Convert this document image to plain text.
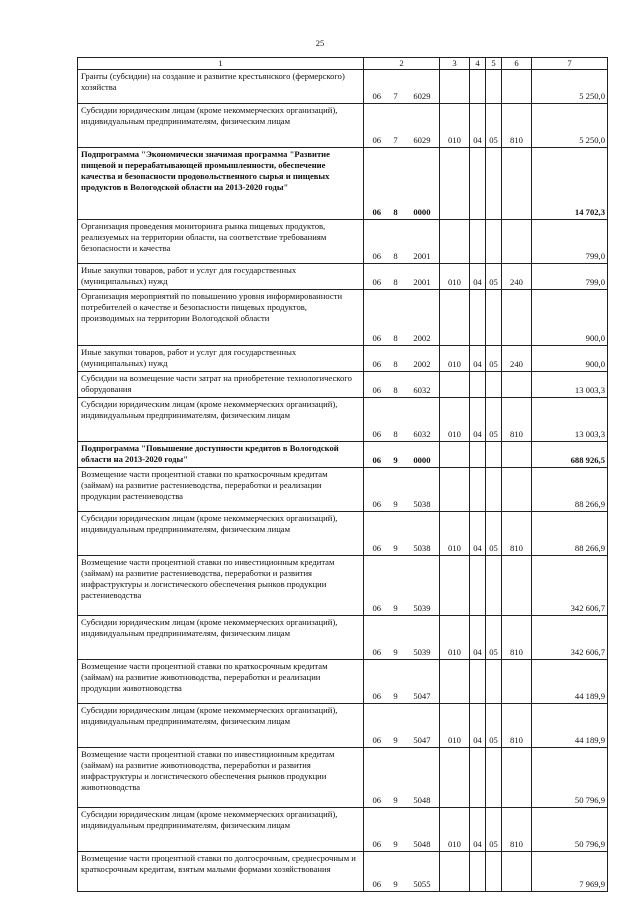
25
1	2	3	4	5	6	7
Гранты (субсидии) на создание и развитие крестьянского (фермерского) хозяйства	06 7 6029					5 250,0
Субсидии юридическим лицам (кроме некоммерческих организаций), индивидуальным предпринимателям, физическим лицам	06 7 6029	010	04	05	810	5 250,0
Подпрограмма "Экономически значимая программа "Развитие пищевой и перерабатывающей промышленности, обеспечение качества и безопасности продовольственного сырья и пищевых продуктов в Вологодской области на 2013-2020 годы"	06 8 0000					14 702,3
Организация проведения мониторинга рынка пищевых продуктов, реализуемых на территории области, на соответствие требованиям безопасности и качества	06 8 2001					799,0
Иные закупки товаров, работ и услуг для государственных (муниципальных) нужд	06 8 2001	010	04	05	240	799,0
Организация мероприятий по повышению уровня информированности потребителей о качестве и безопасности пищевых продуктов, производимых на территории Вологодской области	06 8 2002					900,0
Иные закупки товаров, работ и услуг для государственных (муниципальных) нужд	06 8 2002	010	04	05	240	900,0
Субсидии на возмещение части затрат на приобретение технологического оборудования	06 8 6032					13 003,3
Субсидии юридическим лицам (кроме некоммерческих организаций), индивидуальным предпринимателям, физическим лицам	06 8 6032	010	04	05	810	13 003,3
Подпрограмма "Повышение доступности кредитов в Вологодской области на 2013-2020 годы"	06 9 0000					688 926,5
Возмещение части процентной ставки по краткосрочным кредитам (займам) на развитие растениеводства, переработки и реализации продукции растениеводства	06 9 5038					88 266,9
Субсидии юридическим лицам (кроме некоммерческих организаций), индивидуальным предпринимателям, физическим лицам	06 9 5038	010	04	05	810	88 266,9
Возмещение части процентной ставки по инвестиционным кредитам (займам) на развитие растениеводства, переработки и развития инфраструктуры и логистического обеспечения рынков продукции растениеводства	06 9 5039					342 606,7
Субсидии юридическим лицам (кроме некоммерческих организаций), индивидуальным предпринимателям, физическим лицам	06 9 5039	010	04	05	810	342 606,7
Возмещение части процентной ставки по краткосрочным кредитам (займам) на развитие животноводства, переработки и реализации продукции животноводства	06 9 5047					44 189,9
Субсидии юридическим лицам (кроме некоммерческих организаций), индивидуальным предпринимателям, физическим лицам	06 9 5047	010	04	05	810	44 189,9
Возмещение части процентной ставки по инвестиционным кредитам (займам) на развитие животноводства, переработки и развития инфраструктуры и логистического обеспечения рынков продукции животноводства	06 9 5048					50 796,9
Субсидии юридическим лицам (кроме некоммерческих организаций), индивидуальным предпринимателям, физическим лицам	06 9 5048	010	04	05	810	50 796,9
Возмещение части процентной ставки по долгосрочным, среднесрочным и краткосрочным кредитам, взятым малыми формами хозяйствования	06 9 5055					7 969,9
